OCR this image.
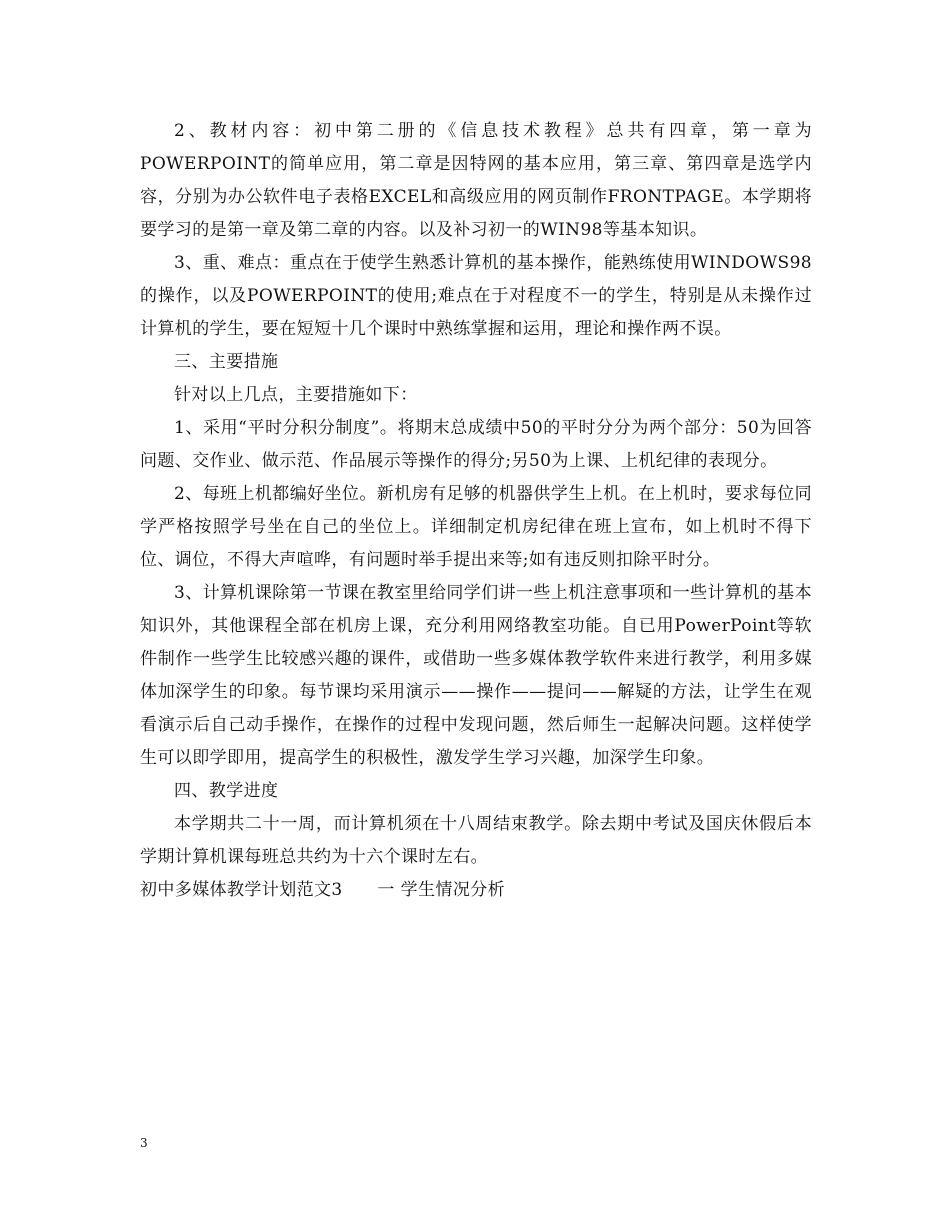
2、教材内容：初中第二册的《信息技术教程》总共有四章，第一章为POWERPOINT的简单应用，第二章是因特网的基本应用，第三章、第四章是选学内容，分别为办公软件电子表格EXCEL和高级应用的网页制作FRONTPAGE。本学期将要学习的是第一章及第二章的内容。以及补习初一的WIN98等基本知识。

3、重、难点：重点在于使学生熟悉计算机的基本操作，能熟练使用WINDOWS98的操作，以及POWERPOINT的使用;难点在于对程度不一的学生，特别是从未操作过计算机的学生，要在短短十几个课时中熟练掌握和运用，理论和操作两不误。

三、主要措施

针对以上几点，主要措施如下：

1、采用“平时分积分制度”。将期末总成绩中50的平时分分为两个部分：50为回答问题、交作业、做示范、作品展示等操作的得分;另50为上课、上机纪律的表现分。

2、每班上机都编好坐位。新机房有足够的机器供学生上机。在上机时，要求每位同学严格按照学号坐在自己的坐位上。详细制定机房纪律在班上宣布，如上机时不得下位、调位，不得大声喧哗，有问题时举手提出来等;如有违反则扣除平时分。

3、计算机课除第一节课在教室里给同学们讲一些上机注意事项和一些计算机的基本知识外，其他课程全部在机房上课，充分利用网络教室功能。自已用PowerPoint等软件制作一些学生比较感兴趣的课件，或借助一些多媒体教学软件来进行教学，利用多媒体加深学生的印象。每节课均采用演示——操作——提问——解疑的方法，让学生在观看演示后自己动手操作，在操作的过程中发现问题，然后师生一起解决问题。这样使学生可以即学即用，提高学生的积极性，激发学生学习兴趣，加深学生印象。

四、教学进度

本学期共二十一周，而计算机须在十八周结束教学。除去期中考试及国庆休假后本学期计算机课每班总共约为十六个课时左右。

初中多媒体教学计划范文3　　一 学生情况分析

3
